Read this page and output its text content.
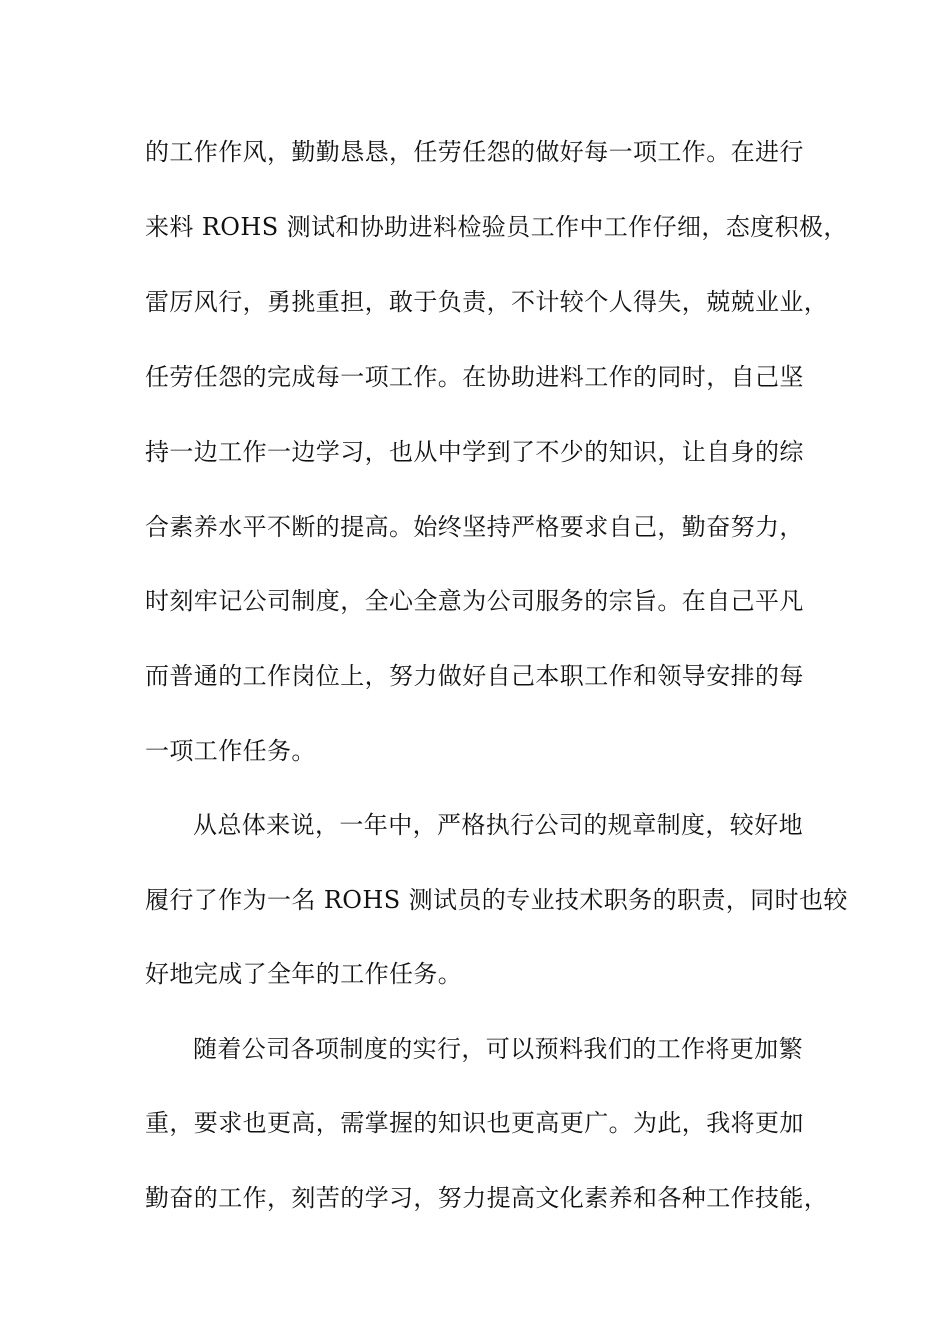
的工作作风，勤勤恳恳，任劳任怨的做好每一项工作。在进行
来料 ROHS 测试和协助进料检验员工作中工作仔细，态度积极，
雷厉风行，勇挑重担，敢于负责，不计较个人得失，兢兢业业，
任劳任怨的完成每一项工作。在协助进料工作的同时，自己坚
持一边工作一边学习，也从中学到了不少的知识，让自身的综
合素养水平不断的提高。始终坚持严格要求自己，勤奋努力，
时刻牢记公司制度，全心全意为公司服务的宗旨。在自己平凡
而普通的工作岗位上，努力做好自己本职工作和领导安排的每
一项工作任务。
从总体来说，一年中，严格执行公司的规章制度，较好地
履行了作为一名 ROHS 测试员的专业技术职务的职责，同时也较
好地完成了全年的工作任务。
随着公司各项制度的实行，可以预料我们的工作将更加繁
重，要求也更高，需掌握的知识也更高更广。为此，我将更加
勤奋的工作，刻苦的学习，努力提高文化素养和各种工作技能，
